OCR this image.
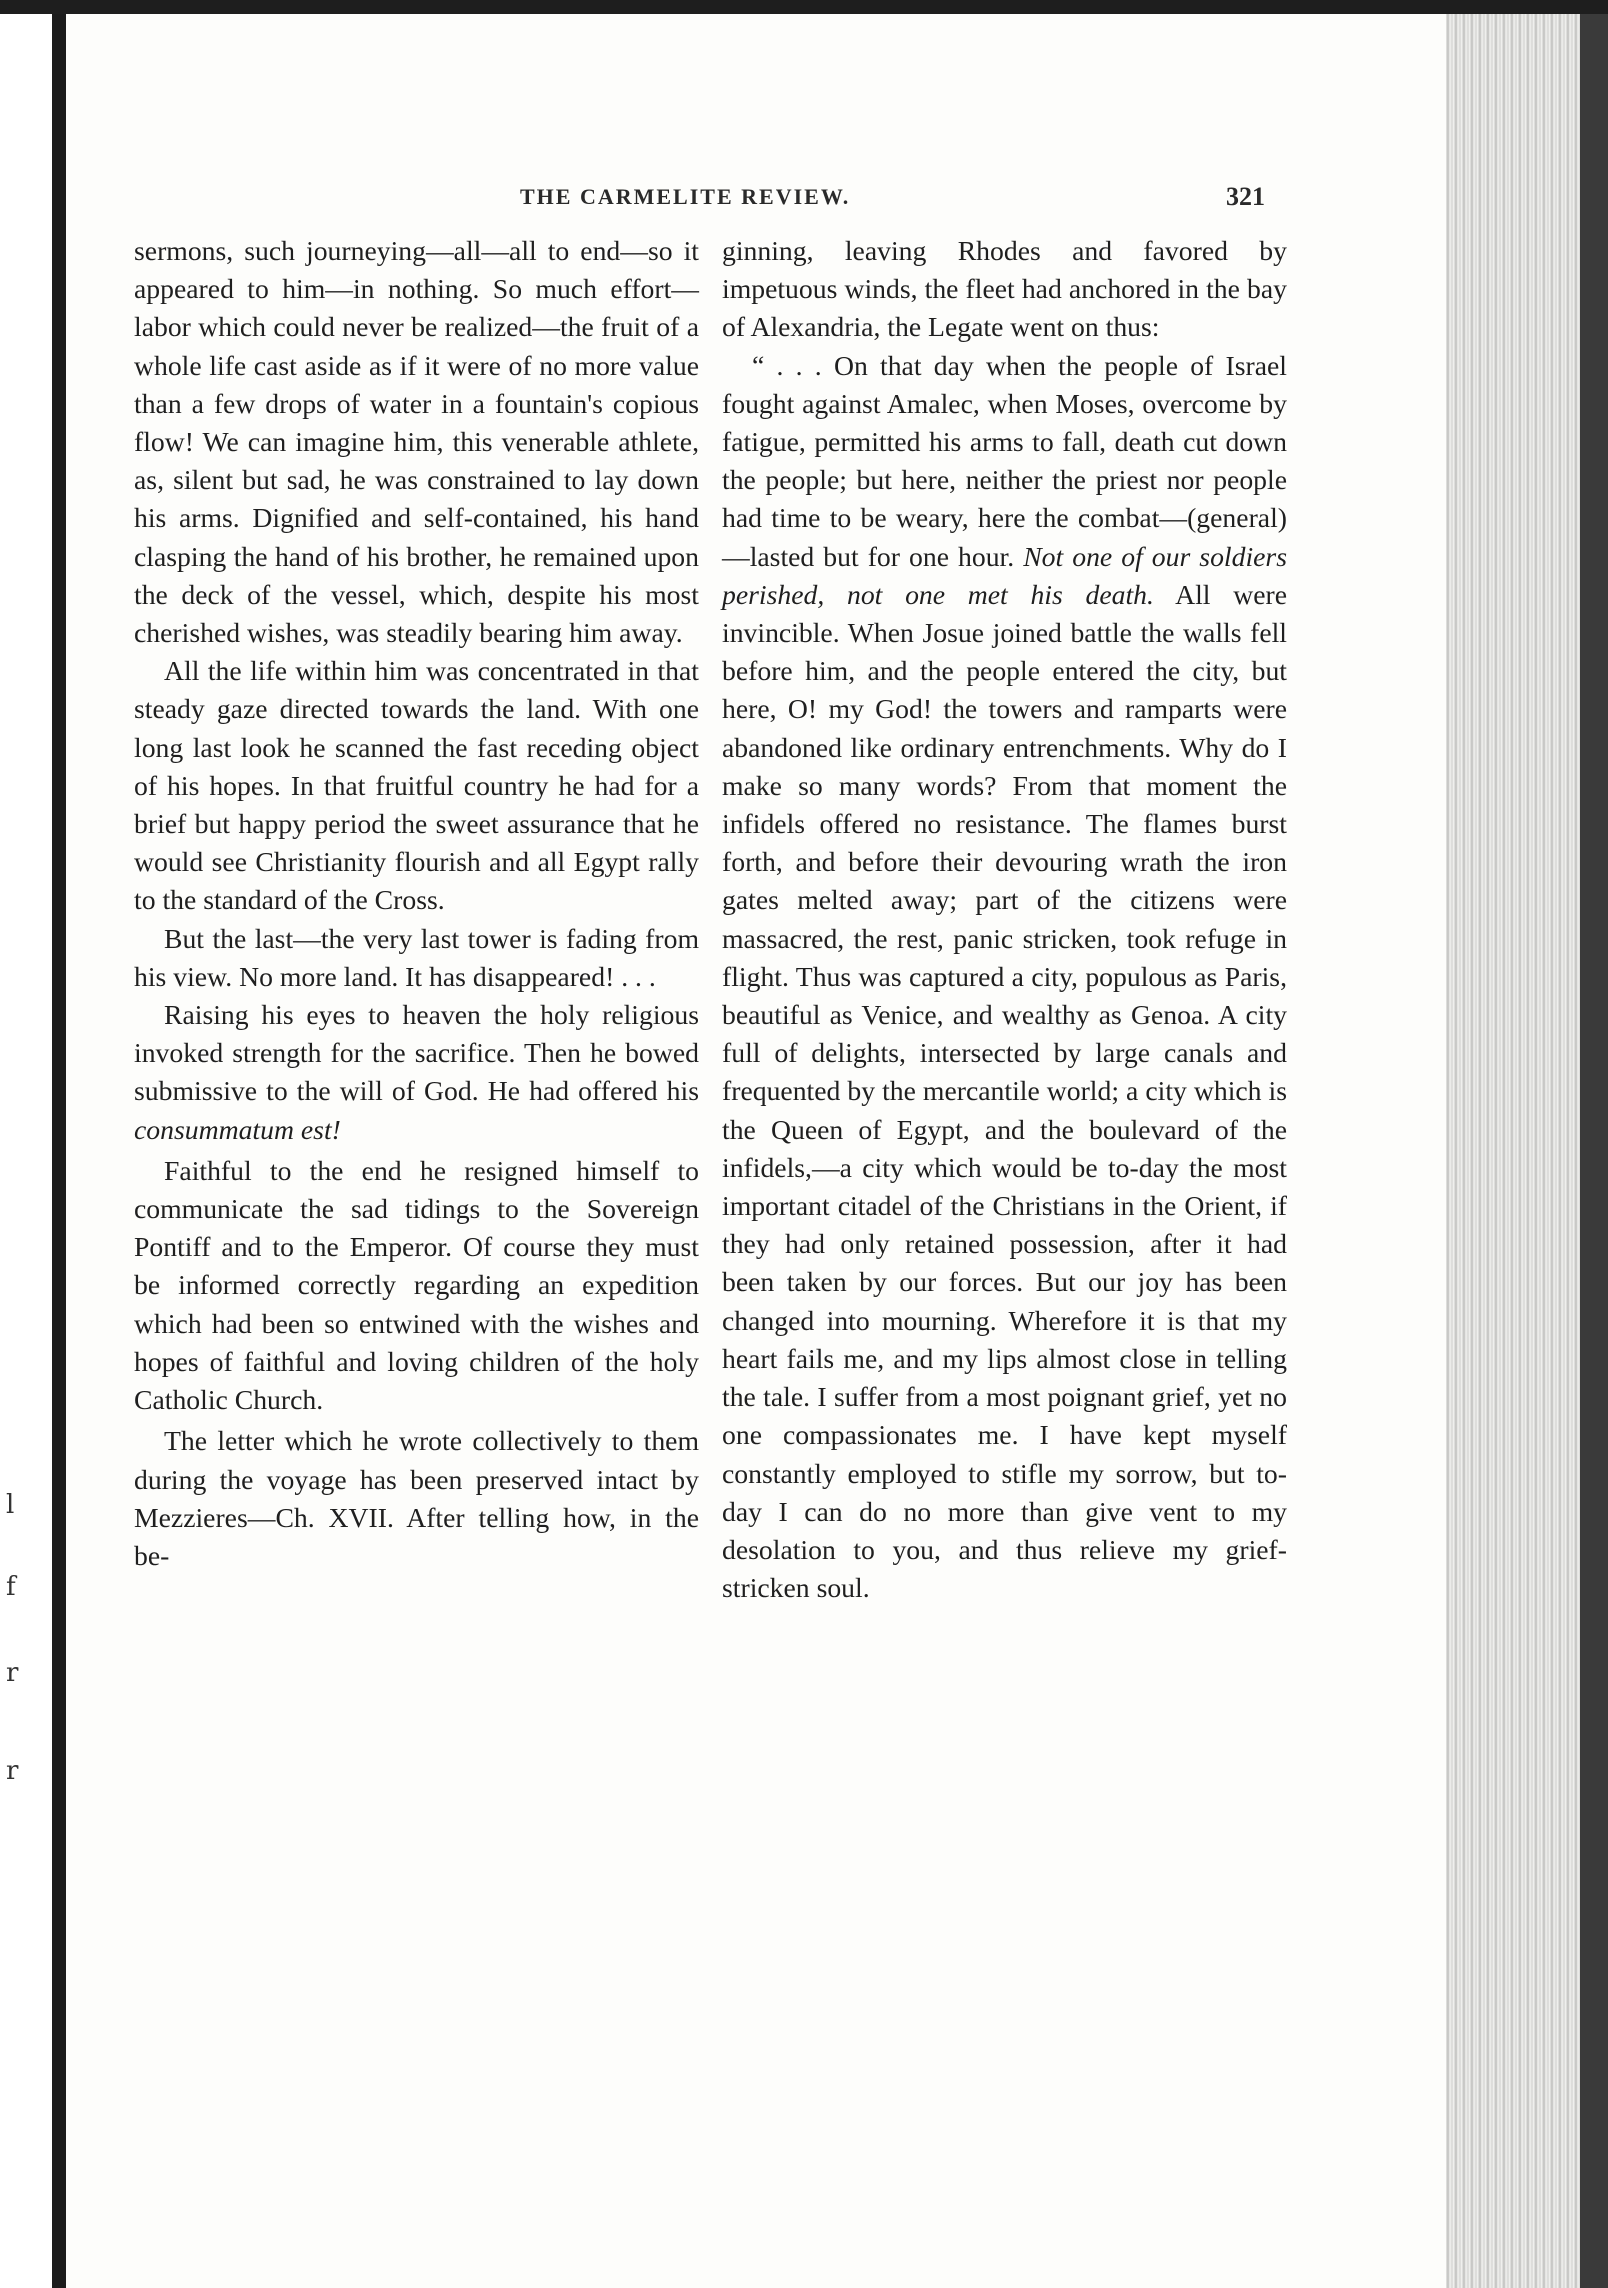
l
f
r
r
THE CARMELITE REVIEW.	321

sermons, such journeying—all—all to end—so it appeared to him—in nothing. So much effort—labor which could never be realized—the fruit of a whole life cast aside as if it were of no more value than a few drops of water in a fountain's copious flow! We can imagine him, this venerable athlete, as, silent but sad, he was constrained to lay down his arms. Dignified and self-contained, his hand clasping the hand of his brother, he remained upon the deck of the vessel, which, despite his most cherished wishes, was steadily bearing him away.

All the life within him was concentrated in that steady gaze directed towards the land. With one long last look he scanned the fast receding object of his hopes. In that fruitful country he had for a brief but happy period the sweet assurance that he would see Christianity flourish and all Egypt rally to the standard of the Cross.

But the last—the very last tower is fading from his view. No more land. It has disappeared! . . .

Raising his eyes to heaven the holy religious invoked strength for the sacrifice. Then he bowed submissive to the will of God. He had offered his consummatum est!

Faithful to the end he resigned himself to communicate the sad tidings to the Sovereign Pontiff and to the Emperor. Of course they must be informed correctly regarding an expedition which had been so entwined with the wishes and hopes of faithful and loving children of the holy Catholic Church.

The letter which he wrote collectively to them during the voyage has been preserved intact by Mezzieres—Ch. XVII. After telling how, in the be-

ginning, leaving Rhodes and favored by impetuous winds, the fleet had anchored in the bay of Alexandria, the Legate went on thus:

“ . . . On that day when the people of Israel fought against Amalec, when Moses, overcome by fatigue, permitted his arms to fall, death cut down the people; but here, neither the priest nor people had time to be weary, here the combat—(general)—lasted but for one hour. Not one of our soldiers perished, not one met his death. All were invincible. When Josue joined battle the walls fell before him, and the people entered the city, but here, O! my God! the towers and ramparts were abandoned like ordinary entrenchments. Why do I make so many words? From that moment the infidels offered no resistance. The flames burst forth, and before their devouring wrath the iron gates melted away; part of the citizens were massacred, the rest, panic stricken, took refuge in flight. Thus was captured a city, populous as Paris, beautiful as Venice, and wealthy as Genoa. A city full of delights, intersected by large canals and frequented by the mercantile world; a city which is the Queen of Egypt, and the boulevard of the infidels,—a city which would be to-day the most important citadel of the Christians in the Orient, if they had only retained possession, after it had been taken by our forces. But our joy has been changed into mourning. Wherefore it is that my heart fails me, and my lips almost close in telling the tale. I suffer from a most poignant grief, yet no one compassionates me. I have kept myself constantly employed to stifle my sorrow, but to-day I can do no more than give vent to my desolation to you, and thus relieve my grief-stricken soul.
